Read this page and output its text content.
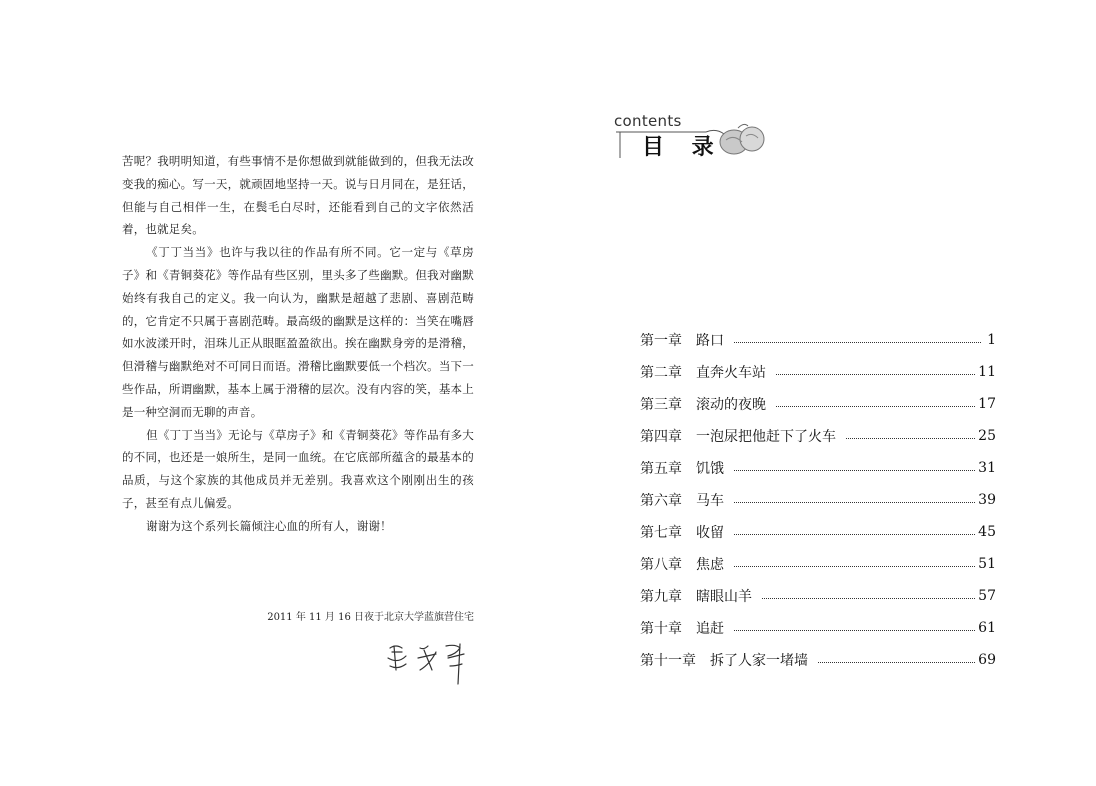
苦呢？我明明知道，有些事情不是你想做到就能做到的，但我无法改变我的痴心。写一天，就顽固地坚持一天。说与日月同在，是狂话，但能与自己相伴一生，在鬓毛白尽时，还能看到自己的文字依然活着，也就足矣。

《丁丁当当》也许与我以往的作品有所不同。它一定与《草房子》和《青铜葵花》等作品有些区别，里头多了些幽默。但我对幽默始终有我自己的定义。我一向认为，幽默是超越了悲剧、喜剧范畴的，它肯定不只属于喜剧范畴。最高级的幽默是这样的：当笑在嘴唇如水波漾开时，泪珠儿正从眼眶盈盈欲出。挨在幽默身旁的是滑稽，但滑稽与幽默绝对不可同日而语。滑稽比幽默要低一个档次。当下一些作品，所谓幽默，基本上属于滑稽的层次。没有内容的笑，基本上是一种空洞而无聊的声音。

但《丁丁当当》无论与《草房子》和《青铜葵花》等作品有多大的不同，也还是一娘所生，是同一血统。在它底部所蕴含的最基本的品质，与这个家族的其他成员并无差别。我喜欢这个刚刚出生的孩子，甚至有点儿偏爱。

谢谢为这个系列长篇倾注心血的所有人，谢谢！

2011 年 11 月 16 日夜于北京大学蓝旗营住宅
contents
目 录
第一章 路口	1
第二章 直奔火车站	11
第三章 滚动的夜晚	17
第四章 一泡尿把他赶下了火车	25
第五章 饥饿	31
第六章 马车	39
第七章 收留	45
第八章 焦虑	51
第九章 瞎眼山羊	57
第十章 追赶	61
第十一章 拆了人家一堵墙	69
